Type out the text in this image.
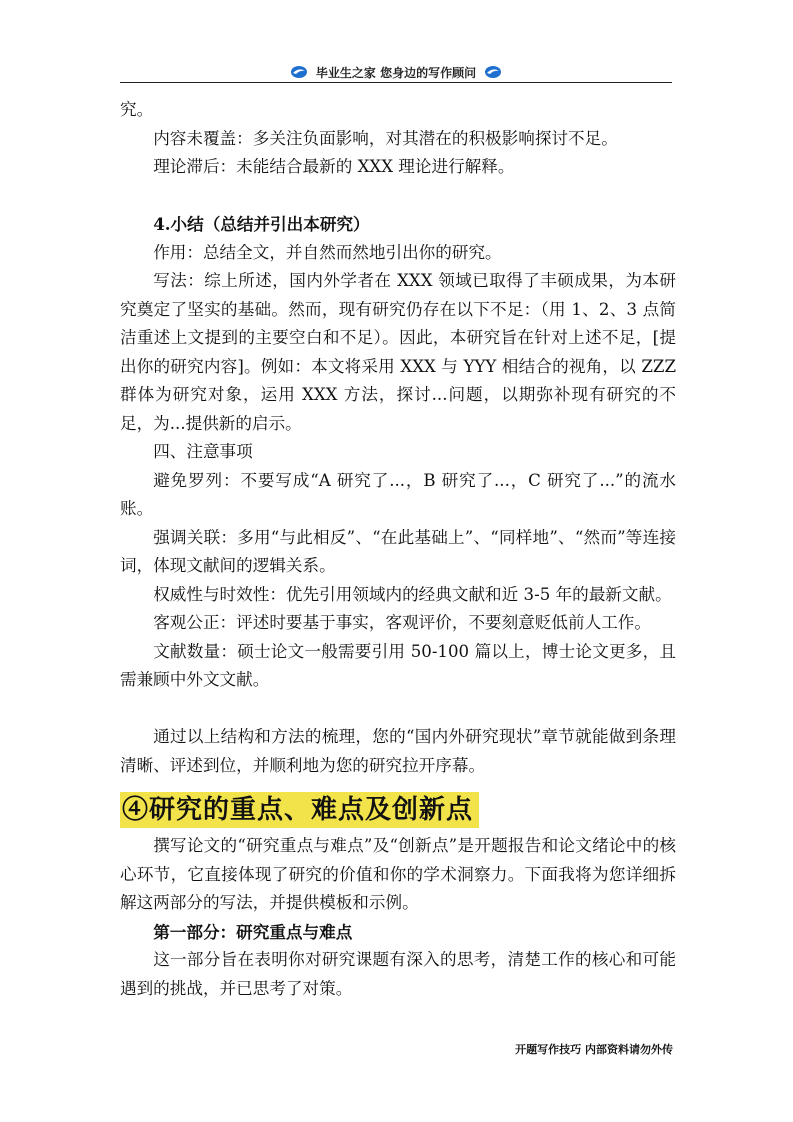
毕业生之家 您身边的写作顾问

究。

内容未覆盖：多关注负面影响，对其潜在的积极影响探讨不足。

理论滞后：未能结合最新的 XXX 理论进行解释。

4.小结（总结并引出本研究）

作用：总结全文，并自然而然地引出你的研究。

写法：综上所述，国内外学者在 XXX 领域已取得了丰硕成果，为本研究奠定了坚实的基础。然而，现有研究仍存在以下不足：（用 1、2、3 点简洁重述上文提到的主要空白和不足）。因此，本研究旨在针对上述不足，[提出你的研究内容]。例如：本文将采用 XXX 与 YYY 相结合的视角，以 ZZZ 群体为研究对象，运用 XXX 方法，探讨...问题，以期弥补现有研究的不足，为...提供新的启示。

四、注意事项

避免罗列：不要写成“A 研究了...，B 研究了...，C 研究了...”的流水账。

强调关联：多用“与此相反”、“在此基础上”、“同样地”、“然而”等连接词，体现文献间的逻辑关系。

权威性与时效性：优先引用领域内的经典文献和近 3-5 年的最新文献。

客观公正：评述时要基于事实，客观评价，不要刻意贬低前人工作。

文献数量：硕士论文一般需要引用 50-100 篇以上，博士论文更多，且需兼顾中外文文献。

通过以上结构和方法的梳理，您的“国内外研究现状”章节就能做到条理清晰、评述到位，并顺利地为您的研究拉开序幕。

④研究的重点、难点及创新点

撰写论文的“研究重点与难点”及“创新点”是开题报告和论文绪论中的核心环节，它直接体现了研究的价值和你的学术洞察力。下面我将为您详细拆解这两部分的写法，并提供模板和示例。

第一部分：研究重点与难点

这一部分旨在表明你对研究课题有深入的思考，清楚工作的核心和可能遇到的挑战，并已思考了对策。

开题写作技巧 内部资料请勿外传
